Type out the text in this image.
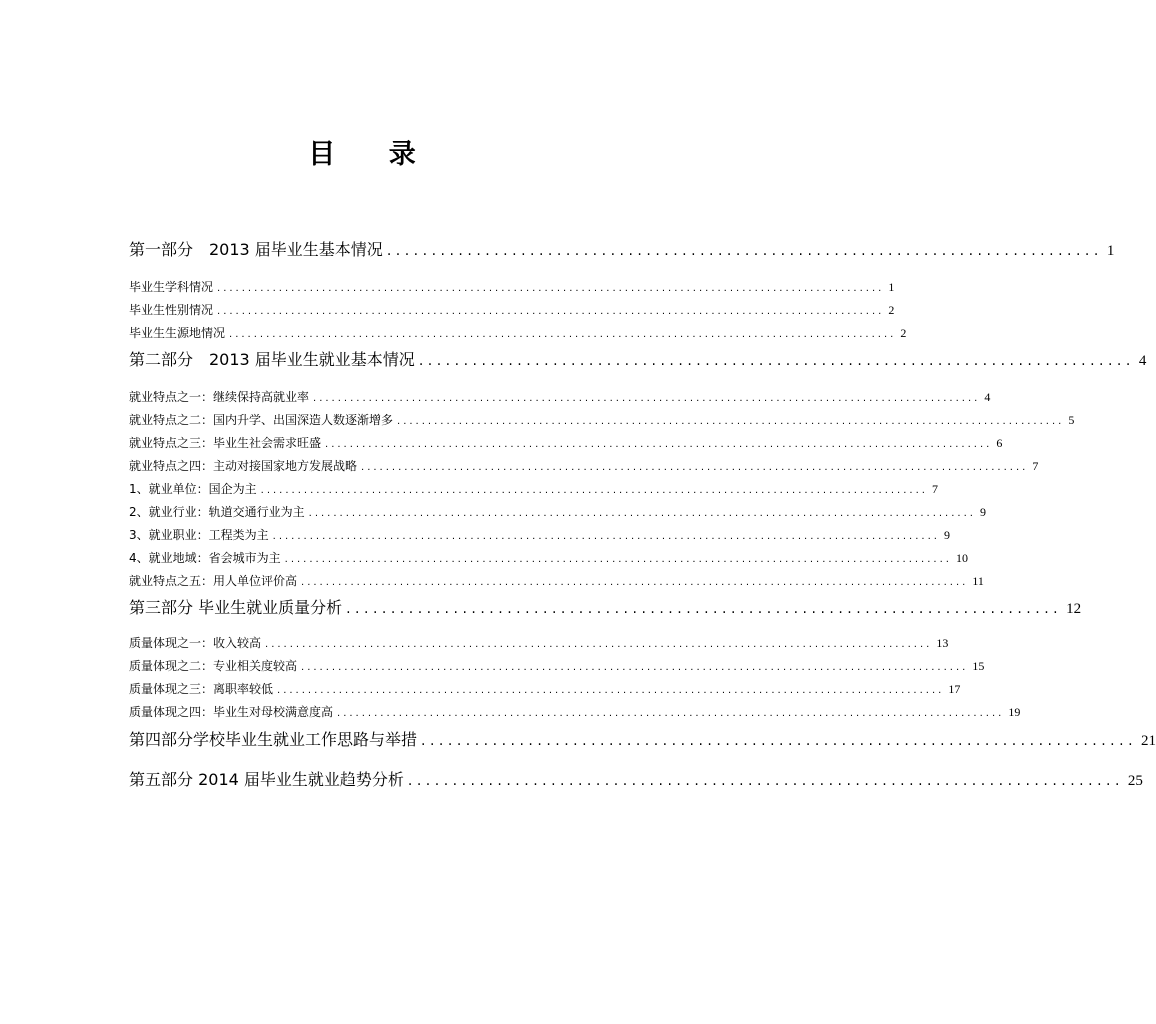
目 录
第一部分　2013 届毕业生基本情况 ................................................................................ 1
毕业生学科情况 ............................................................................................................ 1
毕业生性别情况 ............................................................................................................ 2
毕业生生源地情况 ............................................................................................................ 2
第二部分　2013 届毕业生就业基本情况 ................................................................................ 4
就业特点之一：继续保持高就业率 ............................................................................................................ 4
就业特点之二：国内升学、出国深造人数逐渐增多 ............................................................................................................ 5
就业特点之三：毕业生社会需求旺盛 ............................................................................................................ 6
就业特点之四：主动对接国家地方发展战略 ............................................................................................................ 7
1、就业单位：国企为主 ............................................................................................................ 7
2、就业行业：轨道交通行业为主 ............................................................................................................ 9
3、就业职业：工程类为主 ............................................................................................................ 9
4、就业地域：省会城市为主 ............................................................................................................ 10
就业特点之五：用人单位评价高 ............................................................................................................ 11
第三部分 毕业生就业质量分析 ................................................................................ 12
质量体现之一：收入较高 ............................................................................................................ 13
质量体现之二：专业相关度较高 ............................................................................................................ 15
质量体现之三：离职率较低 ............................................................................................................ 17
质量体现之四：毕业生对母校满意度高 ............................................................................................................ 19
第四部分学校毕业生就业工作思路与举措 ................................................................................ 21
第五部分 2014 届毕业生就业趋势分析 ................................................................................ 25
